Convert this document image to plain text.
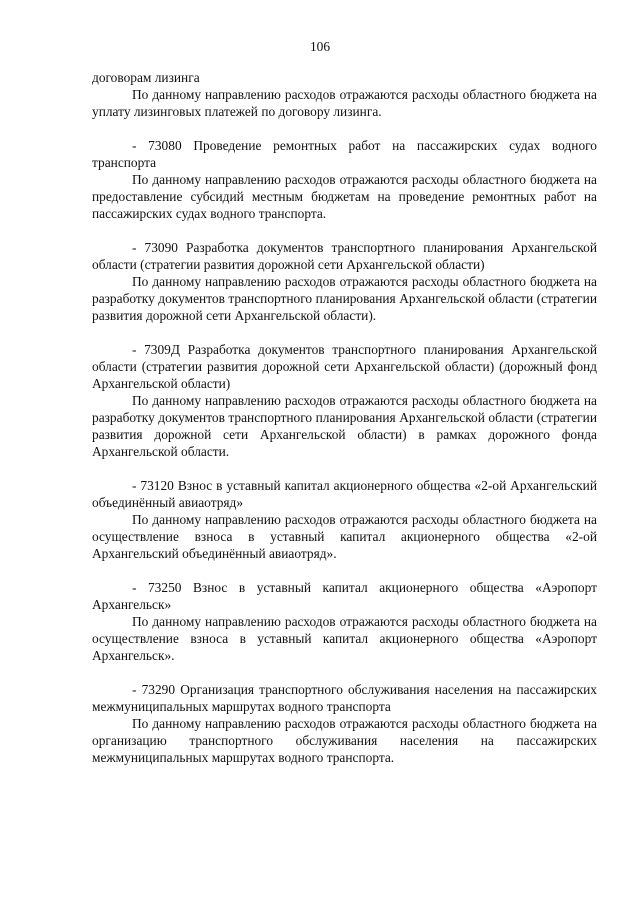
106

договорам лизинга

По данному направлению расходов отражаются расходы областного бюджета на уплату лизинговых платежей по договору лизинга.

- 73080 Проведение ремонтных работ на пассажирских судах водного транспорта

По данному направлению расходов отражаются расходы областного бюджета на предоставление субсидий местным бюджетам на проведение ремонтных работ на пассажирских судах водного транспорта.

- 73090 Разработка документов транспортного планирования Архангельской области (стратегии развития дорожной сети Архангельской области)

По данному направлению расходов отражаются расходы областного бюджета на разработку документов транспортного планирования Архангельской области (стратегии развития дорожной сети Архангельской области).

- 7309Д Разработка документов транспортного планирования Архангельской области (стратегии развития дорожной сети Архангельской области) (дорожный фонд Архангельской области)

По данному направлению расходов отражаются расходы областного бюджета на разработку документов транспортного планирования Архангельской области (стратегии развития дорожной сети Архангельской области) в рамках дорожного фонда Архангельской области.

- 73120 Взнос в уставный капитал акционерного общества «2-ой Архангельский объединённый авиаотряд»

По данному направлению расходов отражаются расходы областного бюджета на осуществление взноса в уставный капитал акционерного общества «2-ой Архангельский объединённый авиаотряд».

- 73250 Взнос в уставный капитал акционерного общества «Аэропорт Архангельск»

По данному направлению расходов отражаются расходы областного бюджета на осуществление взноса в уставный капитал акционерного общества «Аэропорт Архангельск».

- 73290 Организация транспортного обслуживания населения на пассажирских межмуниципальных маршрутах водного транспорта

По данному направлению расходов отражаются расходы областного бюджета на организацию транспортного обслуживания населения на пассажирских межмуниципальных маршрутах водного транспорта.
